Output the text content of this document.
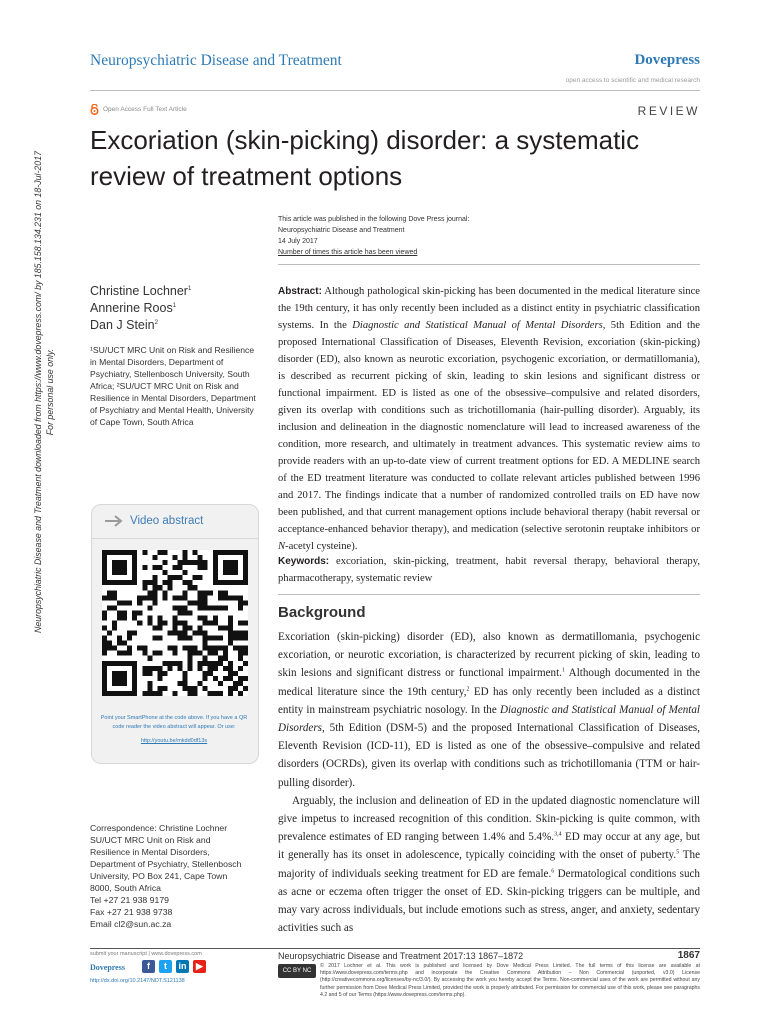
Neuropsychiatric Disease and Treatment	Dovepress
open access to scientific and medical research
Open Access Full Text Article	REVIEW
Excoriation (skin-picking) disorder: a systematic review of treatment options
This article was published in the following Dove Press journal:
Neuropsychiatric Disease and Treatment
14 July 2017
Number of times this article has been viewed
Christine Lochner$^1$
Annerine Roos$^1$
Dan J Stein$^2$
¹SU/UCT MRC Unit on Risk and Resilience in Mental Disorders, Department of Psychiatry, Stellenbosch University, South Africa; ²SU/UCT MRC Unit on Risk and Resilience in Mental Disorders, Department of Psychiatry and Mental Health, University of Cape Town, South Africa
Neuropsychiatric Disease and Treatment downloaded from https://www.dovepress.com/ by 185.158.134.231 on 18-Jul-2017 For personal use only.
Video abstract
Point your SmartPhone at the code above. If you have a QR code reader the video abstract will appear. Or use:
http://youtu.be/mkdd0df13s
Correspondence: Christine Lochner
SU/UCT MRC Unit on Risk and
Resilience in Mental Disorders,
Department of Psychiatry, Stellenbosch
University, PO Box 241, Cape Town
8000, South Africa
Tel +27 21 938 9179
Fax +27 21 938 9738
Email cl2@sun.ac.za
Abstract: Although pathological skin-picking has been documented in the medical literature since the 19th century, it has only recently been included as a distinct entity in psychiatric classification systems. In the Diagnostic and Statistical Manual of Mental Disorders, 5th Edition and the proposed International Classification of Diseases, Eleventh Revision, excoriation (skin-picking) disorder (ED), also known as neurotic excoriation, psychogenic excoriation, or dermatillomania), is described as recurrent picking of skin, leading to skin lesions and significant distress or functional impairment. ED is listed as one of the obsessive–compulsive and related disorders, given its overlap with conditions such as trichotillomania (hair-pulling disorder). Arguably, its inclusion and delineation in the diagnostic nomenclature will lead to increased awareness of the condition, more research, and ultimately in treatment advances. This systematic review aims to provide readers with an up-to-date view of current treatment options for ED. A MEDLINE search of the ED treatment literature was conducted to collate relevant articles published between 1996 and 2017. The findings indicate that a number of randomized controlled trails on ED have now been published, and that current management options include behavioral therapy (habit reversal or acceptance-enhanced behavior therapy), and medication (selective serotonin reuptake inhibitors or N-acetyl cysteine).
Keywords: excoriation, skin-picking, treatment, habit reversal therapy, behavioral therapy, pharmacotherapy, systematic review
Background

Excoriation (skin-picking) disorder (ED), also known as dermatillomania, psychogenic excoriation, or neurotic excoriation, is characterized by recurrent picking of skin, leading to skin lesions and significant distress or functional impairment.$^1$ Although documented in the medical literature since the 19th century,$^2$ ED has only recently been included as a distinct entity in mainstream psychiatric nosology. In the Diagnostic and Statistical Manual of Mental Disorders, 5th Edition (DSM-5) and the proposed International Classification of Diseases, Eleventh Revision (ICD-11), ED is listed as one of the obsessive–compulsive and related disorders (OCRDs), given its overlap with conditions such as trichotillomania (TTM or hair-pulling disorder).

Arguably, the inclusion and delineation of ED in the updated diagnostic nomenclature will give impetus to increased recognition of this condition. Skin-picking is quite common, with prevalence estimates of ED ranging between 1.4% and 5.4%.$^{3,4}$ ED may occur at any age, but it generally has its onset in adolescence, typically coinciding with the onset of puberty.$^5$ The majority of individuals seeking treatment for ED are female.$^6$ Dermatological conditions such as acne or eczema often trigger the onset of ED. Skin-picking triggers can be multiple, and may vary across individuals, but include emotions such as stress, anger, and anxiety, sedentary activities such as

submit your manuscript | www.dovepress.com
Dovepress	f	t	in	▶
http://dx.doi.org/10.2147/NDT.S121138
Neuropsychiatric Disease and Treatment 2017:13 1867–1872	1867
CC BY NC
© 2017 Lochner et al. This work is published and licensed by Dove Medical Press Limited. The full terms of this license are available at https://www.dovepress.com/terms.php and incorporate the Creative Commons Attribution – Non Commercial (unported, v3.0) License (http://creativecommons.org/licenses/by-nc/3.0/). By accessing the work you hereby accept the Terms. Non-commercial uses of the work are permitted without any further permission from Dove Medical Press Limited, provided the work is properly attributed. For permission for commercial use of this work, please see paragraphs 4.2 and 5 of our Terms (https://www.dovepress.com/terms.php).
